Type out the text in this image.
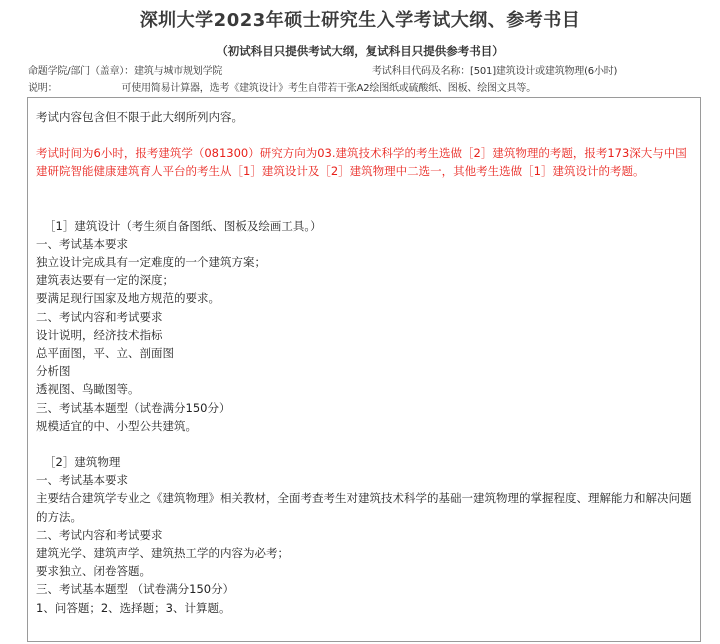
深圳大学2023年硕士研究生入学考试大纲、参考书目
（初试科目只提供考试大纲，复试科目只提供参考书目）
命题学院/部门（盖章）：建筑与城市规划学院	考试科目代码及名称：[501]建筑设计或建筑物理(6小时)
说明：	可使用简易计算器，选考《建筑设计》考生自带若干张A2绘图纸或硫酸纸、图板、绘图文具等。

考试内容包含但不限于此大纲所列内容。

考试时间为6小时，报考建筑学（081300）研究方向为03.建筑技术科学的考生选做［2］建筑物理的考题，报考173深大与中国建研院智能健康建筑育人平台的考生从［1］建筑设计及［2］建筑物理中二选一，其他考生选做［1］建筑设计的考题。

［1］建筑设计（考生须自备图纸、图板及绘画工具。）

一、考试基本要求

独立设计完成具有一定难度的一个建筑方案；

建筑表达要有一定的深度；

要满足现行国家及地方规范的要求。

二、考试内容和考试要求

设计说明，经济技术指标

总平面图，平、立、剖面图

分析图

透视图、鸟瞰图等。

三、考试基本题型（试卷满分150分）

规模适宜的中、小型公共建筑。

［2］建筑物理

一、考试基本要求

主要结合建筑学专业之《建筑物理》相关教材，全面考查考生对建筑技术科学的基础一建筑物理的掌握程度、理解能力和解决问题的方法。

二、考试内容和考试要求

建筑光学、建筑声学、建筑热工学的内容为必考；

要求独立、闭卷答题。

三、考试基本题型 （试卷满分150分）

1、问答题；2、选择题；3、计算题。
